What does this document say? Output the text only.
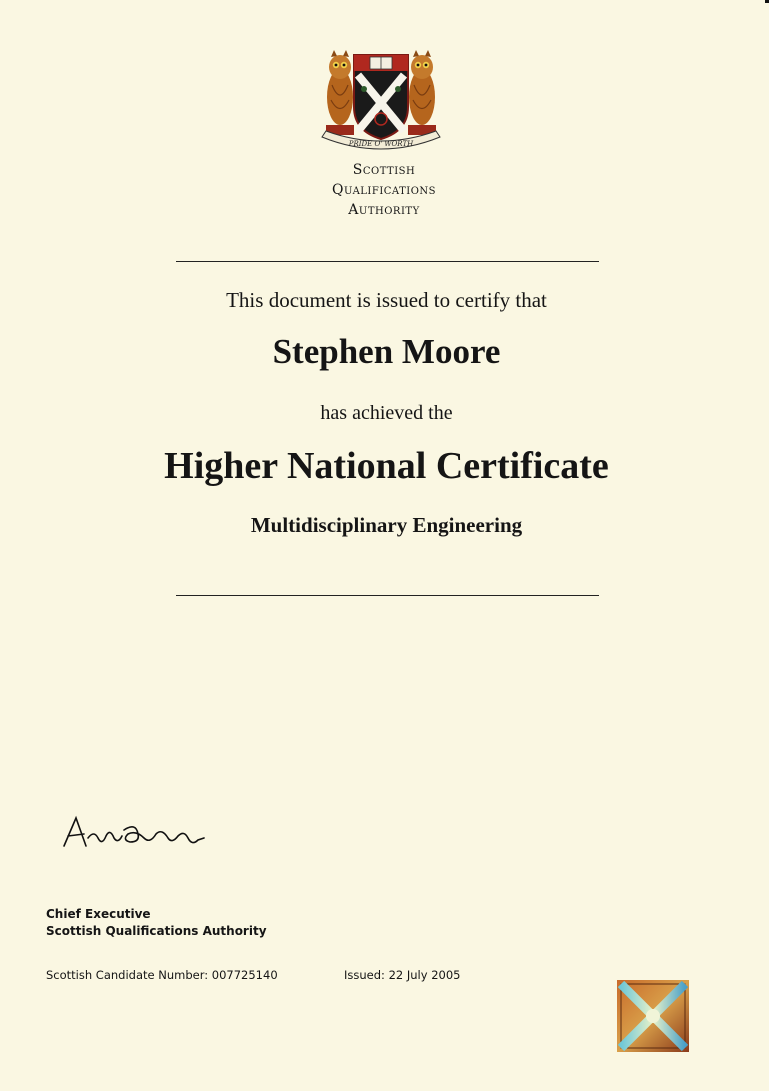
PRIDE O' WORTH
Scottish
Qualifications
Authority
This document is issued to certify that
Stephen Moore
has achieved the
Higher National Certificate
Multidisciplinary Engineering
Chief Executive
Scottish Qualifications Authority
Scottish Candidate Number: 007725140	Issued: 22 July 2005
